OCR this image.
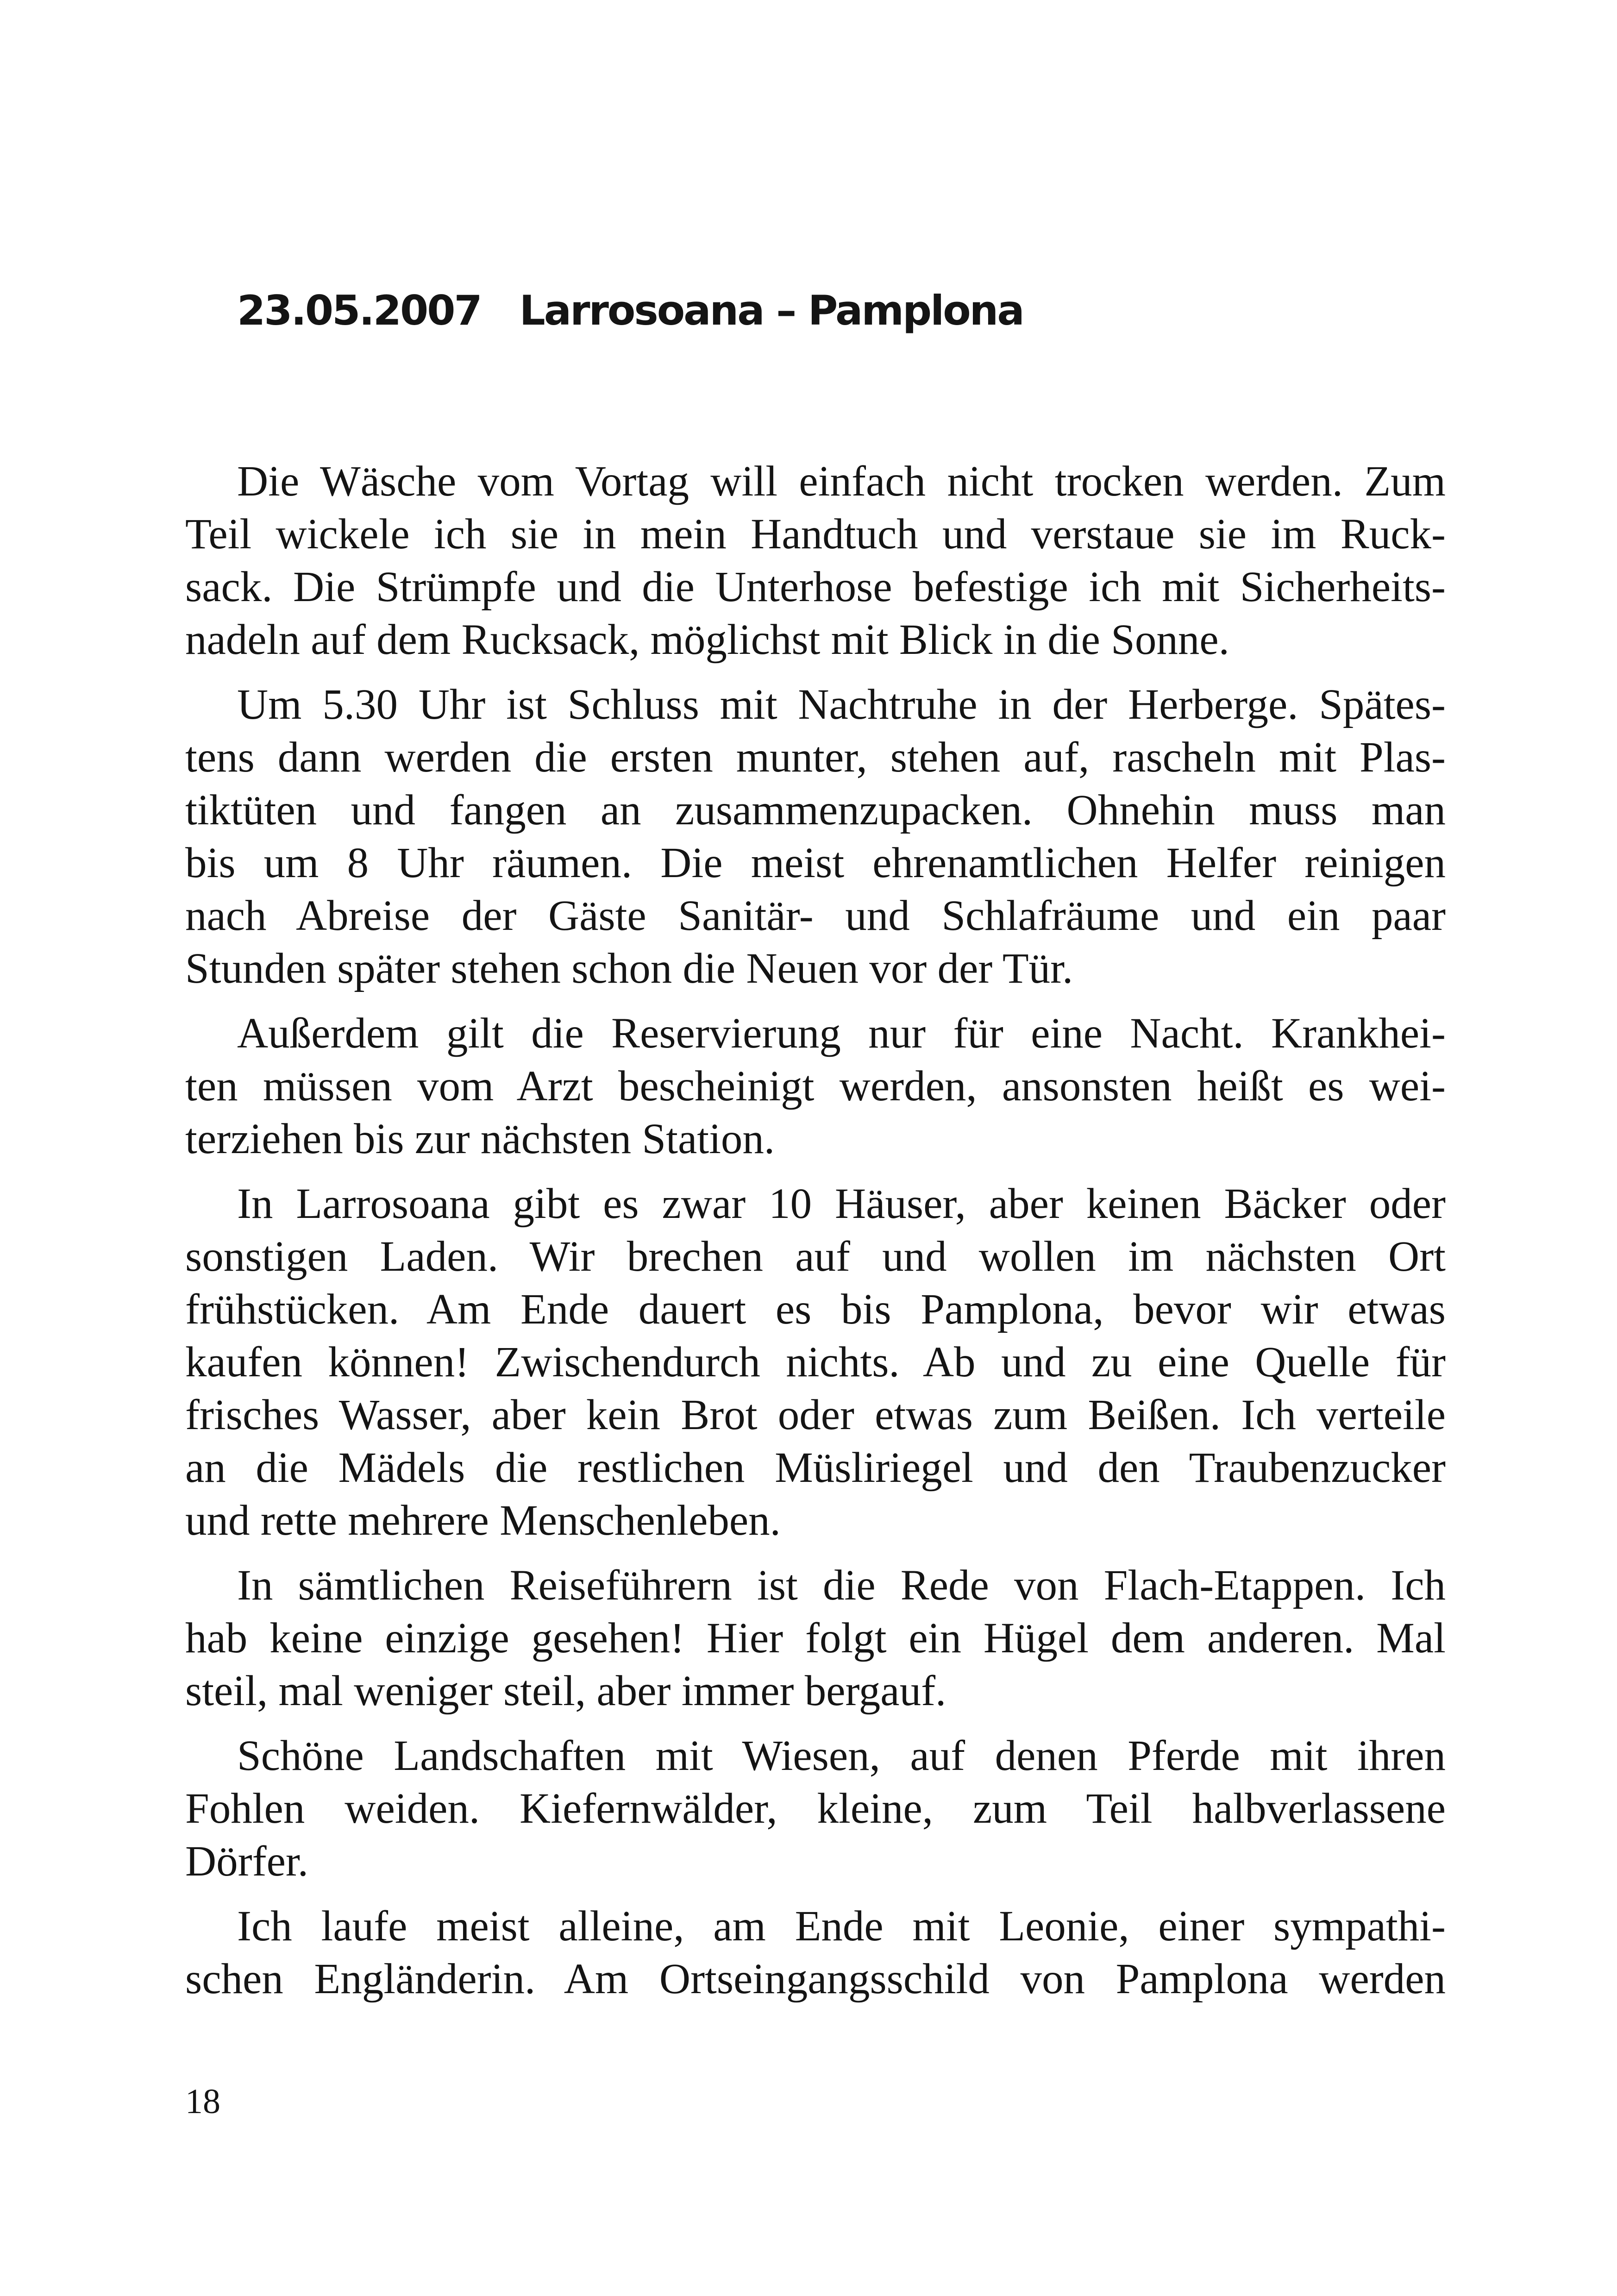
23.05.2007 Larrosoana – Pamplona

Die Wäsche vom Vortag will einfach nicht trocken werden. Zum
Teil wickele ich sie in mein Handtuch und verstaue sie im Ruck-
sack. Die Strümpfe und die Unterhose befestige ich mit Sicherheits-
nadeln auf dem Rucksack, möglichst mit Blick in die Sonne.

Um 5.30 Uhr ist Schluss mit Nachtruhe in der Herberge. Spätes-
tens dann werden die ersten munter, stehen auf, rascheln mit Plas-
tiktüten und fangen an zusammenzupacken. Ohnehin muss man
bis um 8 Uhr räumen. Die meist ehrenamtlichen Helfer reinigen
nach Abreise der Gäste Sanitär- und Schlafräume und ein paar
Stunden später stehen schon die Neuen vor der Tür.

Außerdem gilt die Reservierung nur für eine Nacht. Krankhei-
ten müssen vom Arzt bescheinigt werden, ansonsten heißt es wei-
terziehen bis zur nächsten Station.

In Larrosoana gibt es zwar 10 Häuser, aber keinen Bäcker oder
sonstigen Laden. Wir brechen auf und wollen im nächsten Ort
frühstücken. Am Ende dauert es bis Pamplona, bevor wir etwas
kaufen können! Zwischendurch nichts. Ab und zu eine Quelle für
frisches Wasser, aber kein Brot oder etwas zum Beißen. Ich verteile
an die Mädels die restlichen Müsliriegel und den Traubenzucker
und rette mehrere Menschenleben.

In sämtlichen Reiseführern ist die Rede von Flach-Etappen. Ich
hab keine einzige gesehen! Hier folgt ein Hügel dem anderen. Mal
steil, mal weniger steil, aber immer bergauf.

Schöne Landschaften mit Wiesen, auf denen Pferde mit ihren
Fohlen weiden. Kiefernwälder, kleine, zum Teil halbverlassene
Dörfer.

Ich laufe meist alleine, am Ende mit Leonie, einer sympathi-
schen Engländerin. Am Ortseingangsschild von Pamplona werden

18
